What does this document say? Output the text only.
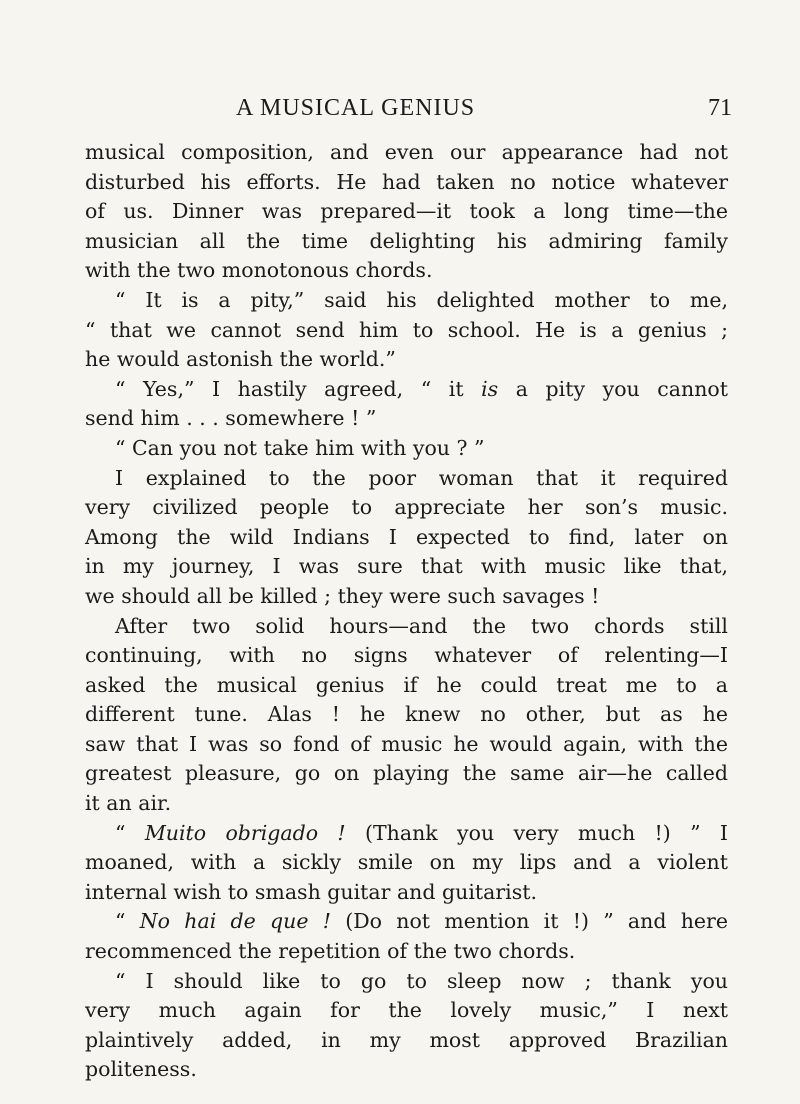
A MUSICAL GENIUS	71
musical composition, and even our appearance had not
disturbed his efforts. He had taken no notice whatever
of us. Dinner was prepared—it took a long time—the
musician all the time delighting his admiring family
with the two monotonous chords.
“ It is a pity,” said his delighted mother to me,
“ that we cannot send him to school. He is a genius ;
he would astonish the world.”
“ Yes,” I hastily agreed, “ it is a pity you cannot
send him . . . somewhere ! ”
“ Can you not take him with you ? ”
I explained to the poor woman that it required
very civilized people to appreciate her son’s music.
Among the wild Indians I expected to find, later on
in my journey, I was sure that with music like that,
we should all be killed ; they were such savages !
After two solid hours—and the two chords still
continuing, with no signs whatever of relenting—I
asked the musical genius if he could treat me to a
different tune. Alas ! he knew no other, but as he
saw that I was so fond of music he would again, with the
greatest pleasure, go on playing the same air—he called
it an air.
“ Muito obrigado ! (Thank you very much !) ” I
moaned, with a sickly smile on my lips and a violent
internal wish to smash guitar and guitarist.
“ No hai de que ! (Do not mention it !) ” and here
recommenced the repetition of the two chords.
“ I should like to go to sleep now ; thank you
very much again for the lovely music,” I next
plaintively added, in my most approved Brazilian
politeness.
